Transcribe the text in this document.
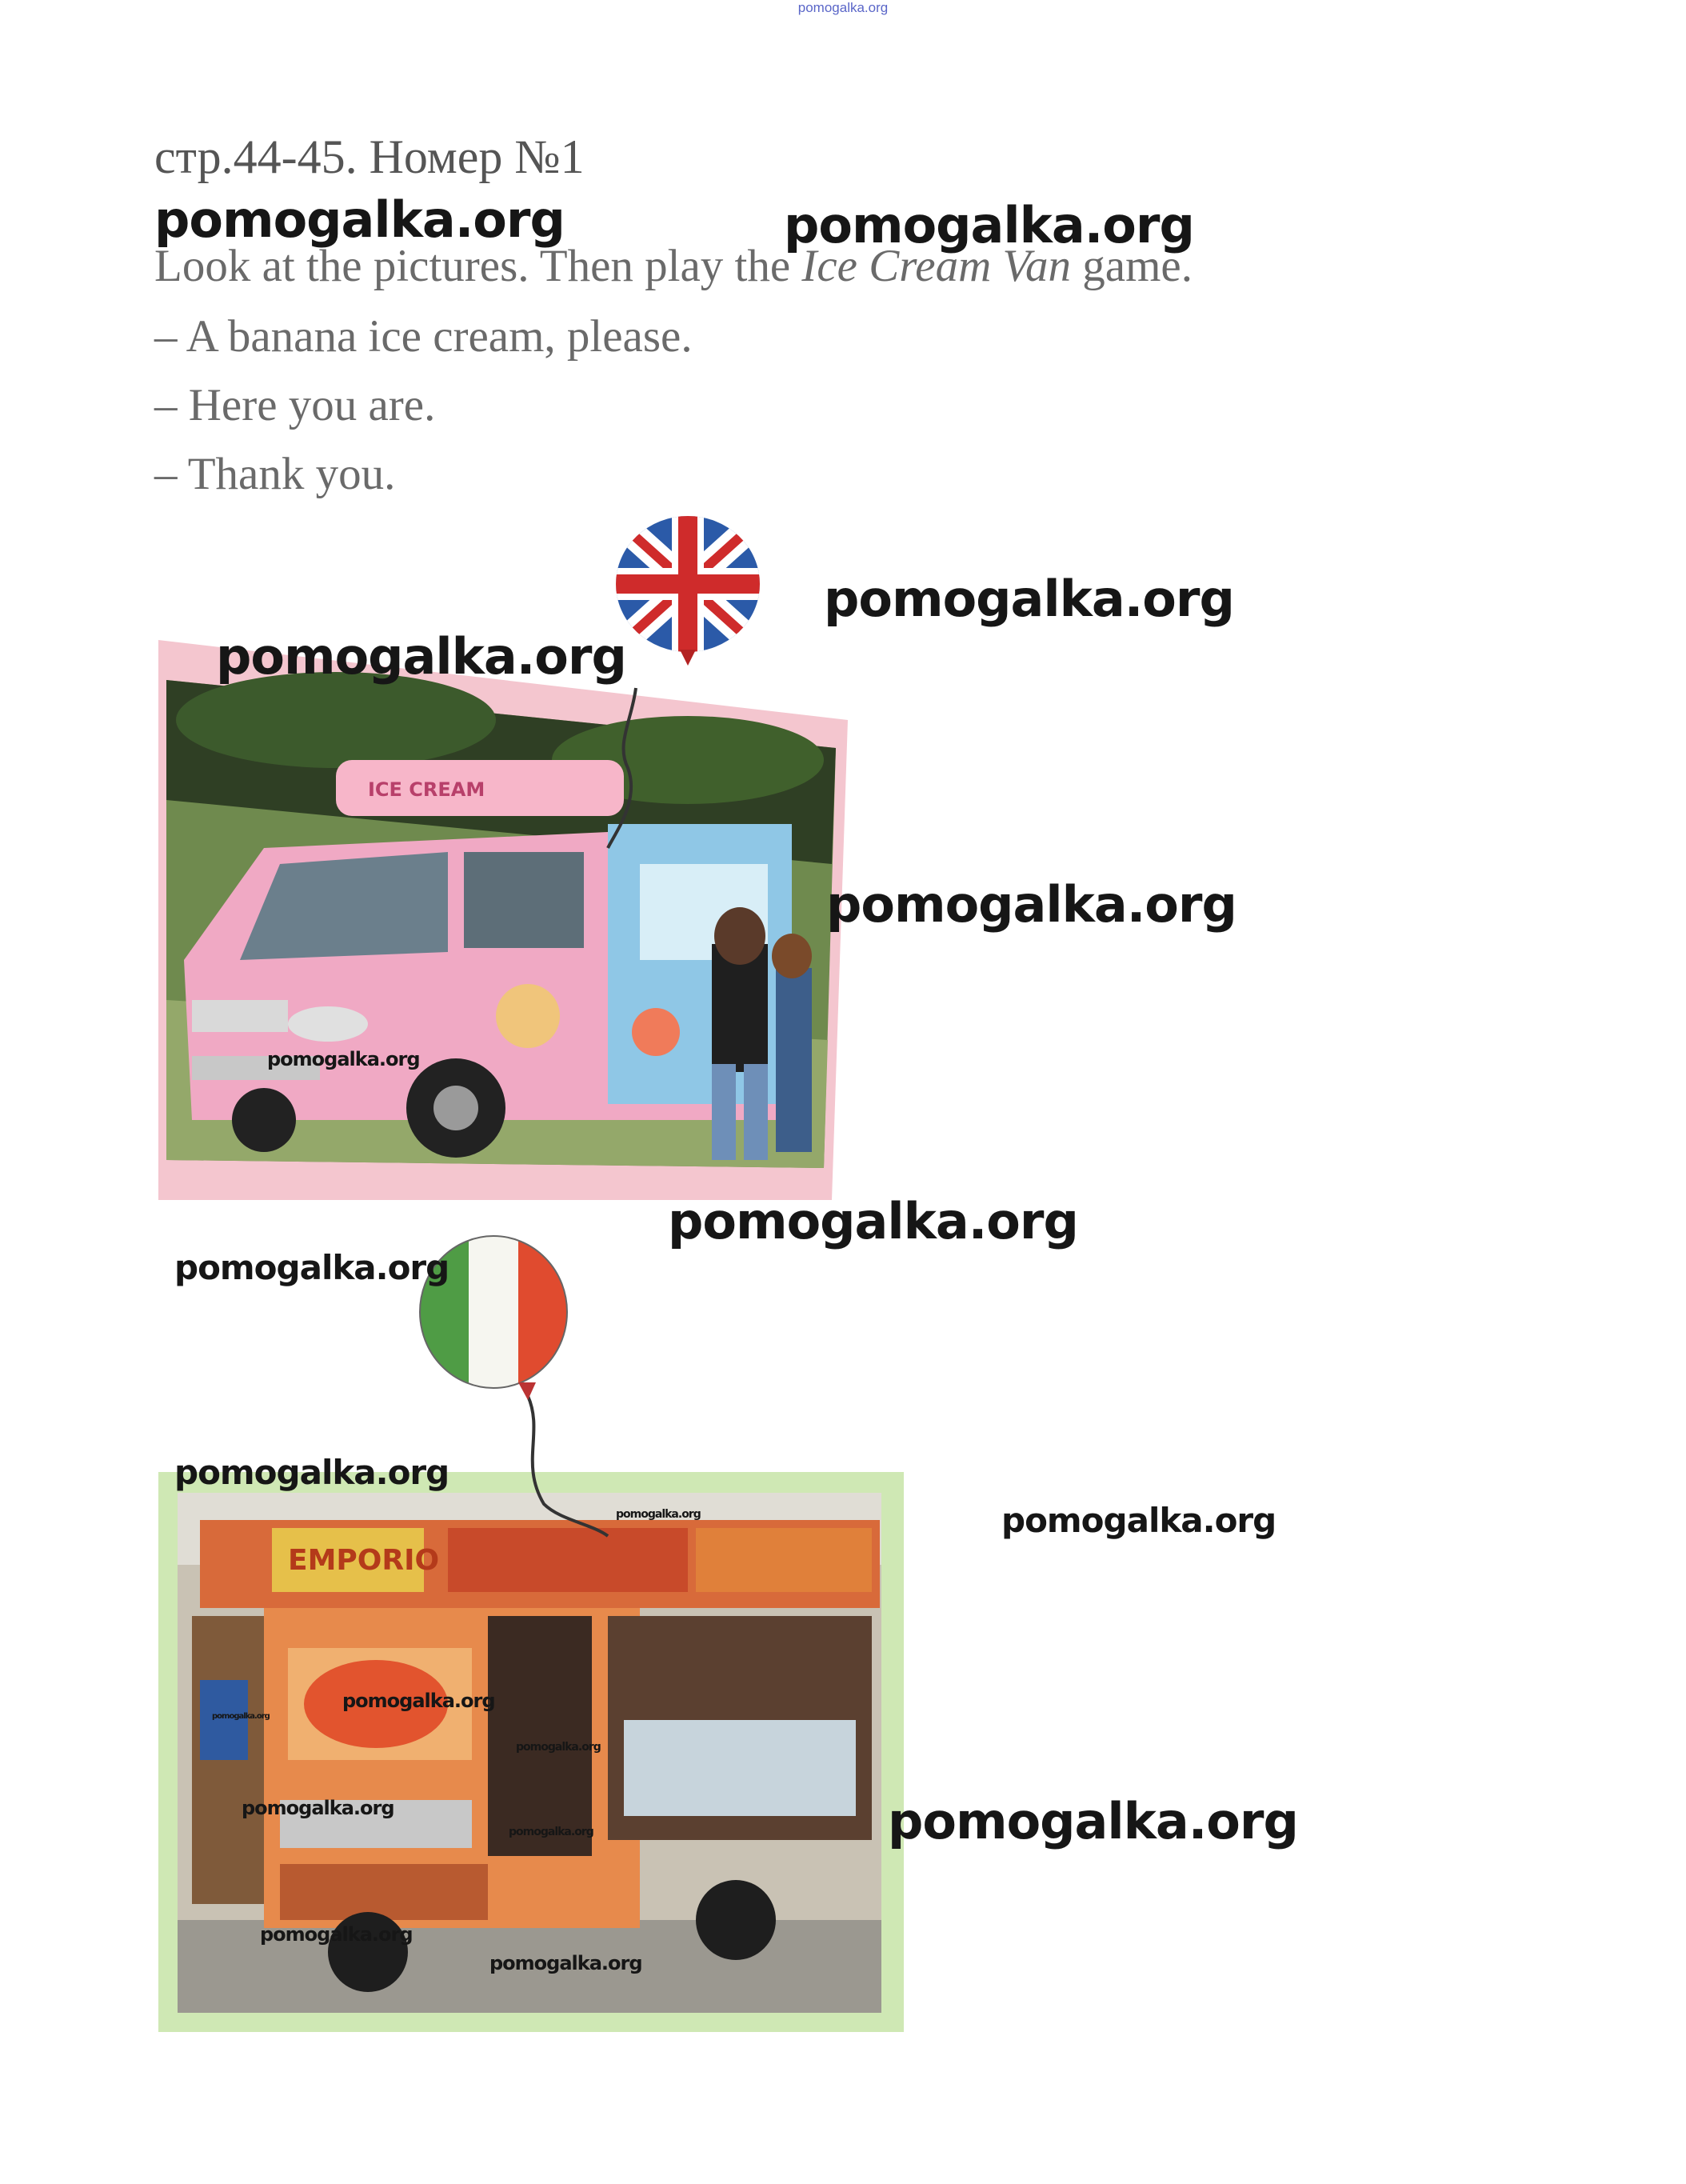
pomogalka.org
стр.44-45. Номер №1
Look at the pictures. Then play the Ice Cream Van game.
– A banana ice cream, please.
– Here you are.
– Thank you.
ICE CREAM
EMPORIO
pomogalka.org	pomogalka.org
pomogalka.org
pomogalka.org
pomogalka.org
pomogalka.org
pomogalka.org
pomogalka.org
pomogalka.org
pomogalka.org
pomogalka.org
pomogalka.org
pomogalka.org
pomogalka.org
pomogalka.org
pomogalka.org
pomogalka.org
pomogalka.org
pomogalka.org
